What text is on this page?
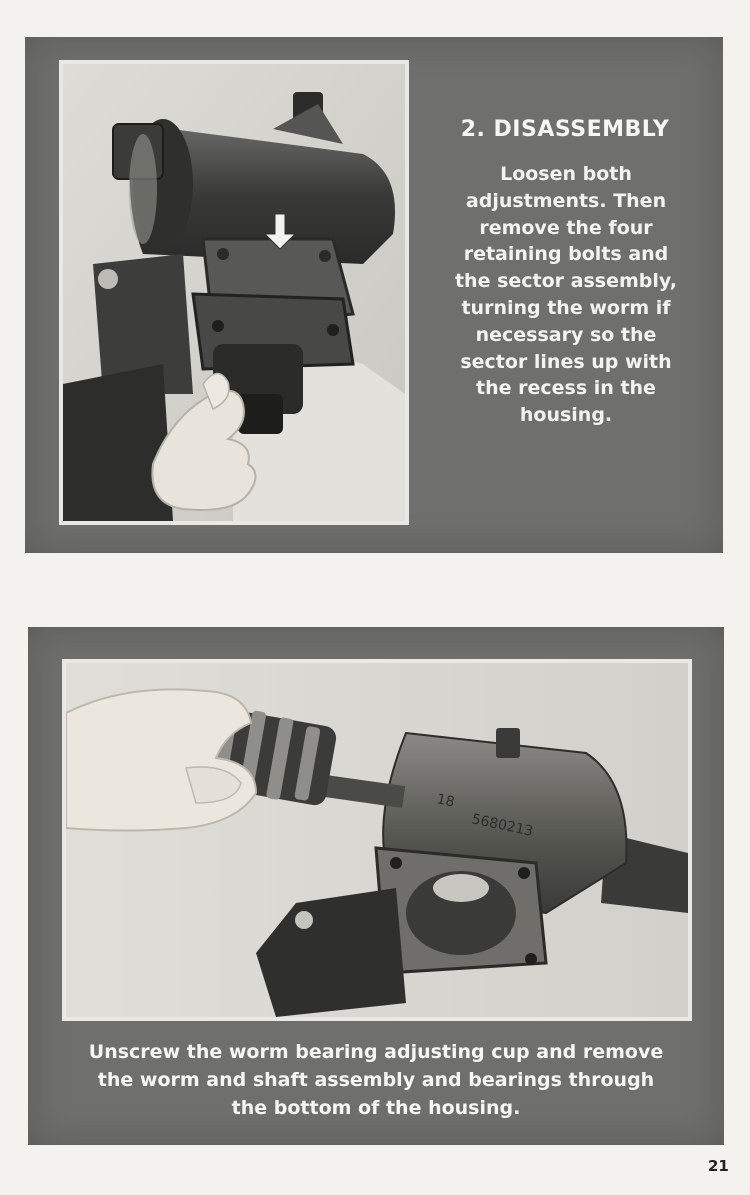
2. DISASSEMBLY
Loosen both
adjustments. Then
remove the four
retaining bolts and
the sector assembly,
turning the worm if
necessary so the
sector lines up with
the recess in the
housing.
18
5680213
Unscrew the worm bearing adjusting cup and remove
the worm and shaft assembly and bearings through
the bottom of the housing.
21
